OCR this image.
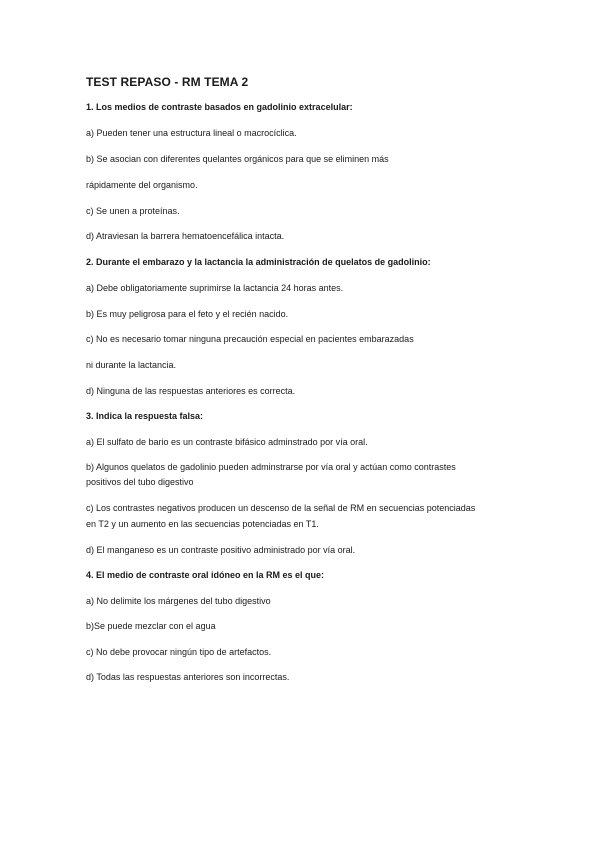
TEST REPASO - RM TEMA 2
1. Los medios de contraste basados en gadolinio extracelular:
a) Pueden tener una estructura lineal o macrocíclica.
b) Se asocian con diferentes quelantes orgánicos para que se eliminen más
rápidamente del organismo.
c) Se unen a proteínas.
d) Atraviesan la barrera hematoencefálica intacta.
2. Durante el embarazo y la lactancia la administración de quelatos de gadolinio:
a) Debe obligatoriamente suprimirse la lactancia 24 horas antes.
b) Es muy peligrosa para el feto y el recién nacido.
c) No es necesario tomar ninguna precaución especial en pacientes embarazadas
ni durante la lactancia.
d) Ninguna de las respuestas anteriores es correcta.
3. Indica la respuesta falsa:
a) El sulfato de bario es un contraste bifásico adminstrado por vía oral.
b) Algunos quelatos de gadolinio pueden adminstrarse por vía oral y actúan como contrastes
positivos del tubo digestivo
c) Los contrastes negativos producen un descenso de la señal de RM en secuencias potenciadas
en T2 y un aumento en las secuencias potenciadas en T1.
d) El manganeso es un contraste positivo administrado por vía oral.
4. El medio de contraste oral idóneo en la RM es el que:
a) No delimite los márgenes del tubo digestivo
b)Se puede mezclar con el agua
c) No debe provocar ningún tipo de artefactos.
d) Todas las respuestas anteriores son incorrectas.
